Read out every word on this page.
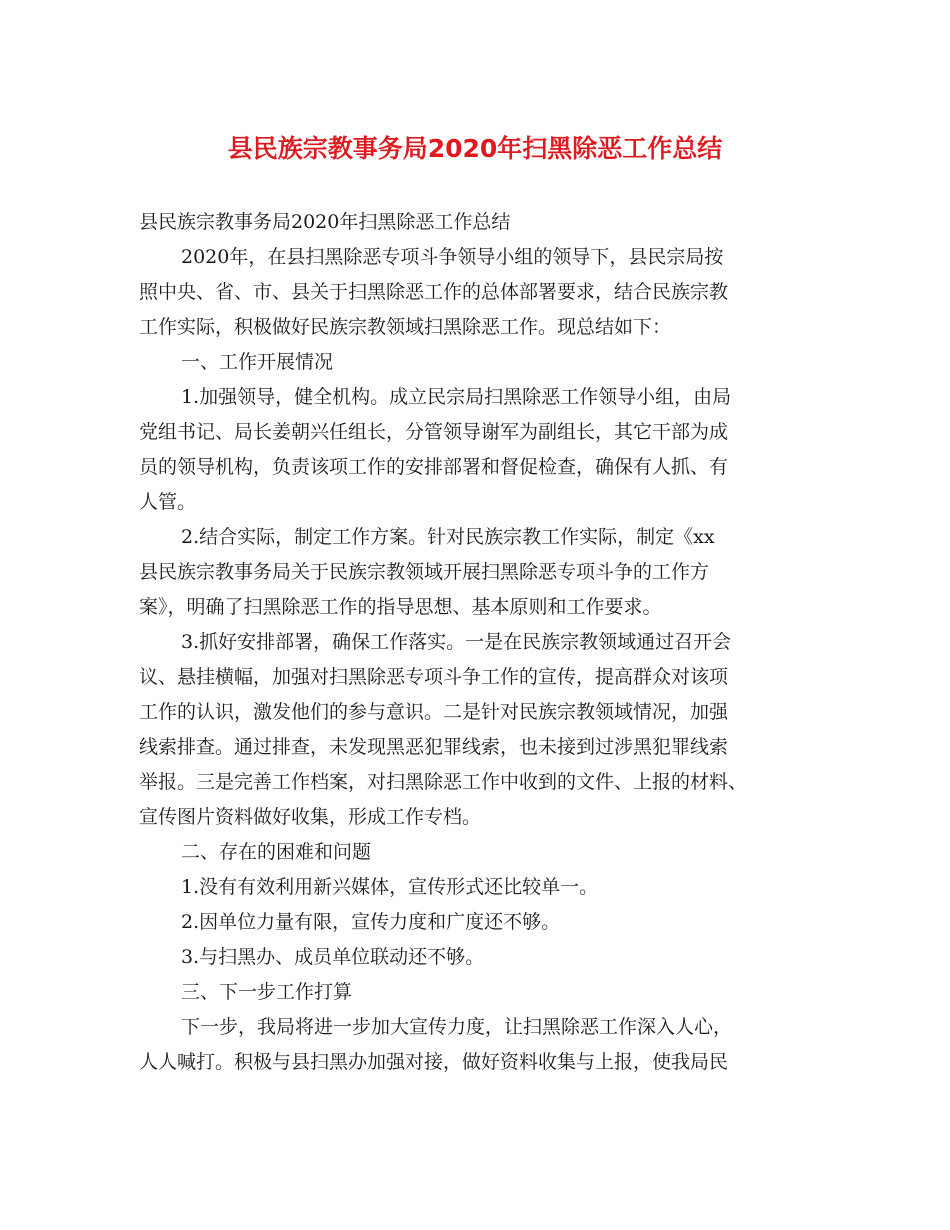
县民族宗教事务局2020年扫黑除恶工作总结

县民族宗教事务局2020年扫黑除恶工作总结

2020年，在县扫黑除恶专项斗争领导小组的领导下，县民宗局按

照中央、省、市、县关于扫黑除恶工作的总体部署要求，结合民族宗教

工作实际，积极做好民族宗教领域扫黑除恶工作。现总结如下：

一、工作开展情况

1.加强领导，健全机构。成立民宗局扫黑除恶工作领导小组，由局

党组书记、局长姜朝兴任组长，分管领导谢军为副组长，其它干部为成

员的领导机构，负责该项工作的安排部署和督促检查，确保有人抓、有

人管。

2.结合实际，制定工作方案。针对民族宗教工作实际，制定《xx

县民族宗教事务局关于民族宗教领域开展扫黑除恶专项斗争的工作方

案》，明确了扫黑除恶工作的指导思想、基本原则和工作要求。

3.抓好安排部署，确保工作落实。一是在民族宗教领域通过召开会

议、悬挂横幅，加强对扫黑除恶专项斗争工作的宣传，提高群众对该项

工作的认识，激发他们的参与意识。二是针对民族宗教领域情况，加强

线索排查。通过排查，未发现黑恶犯罪线索，也未接到过涉黑犯罪线索

举报。三是完善工作档案，对扫黑除恶工作中收到的文件、上报的材料、

宣传图片资料做好收集，形成工作专档。

二、存在的困难和问题

1.没有有效利用新兴媒体，宣传形式还比较单一。

2.因单位力量有限，宣传力度和广度还不够。

3.与扫黑办、成员单位联动还不够。

三、下一步工作打算

下一步，我局将进一步加大宣传力度，让扫黑除恶工作深入人心，

人人喊打。积极与县扫黑办加强对接，做好资料收集与上报，使我局民
